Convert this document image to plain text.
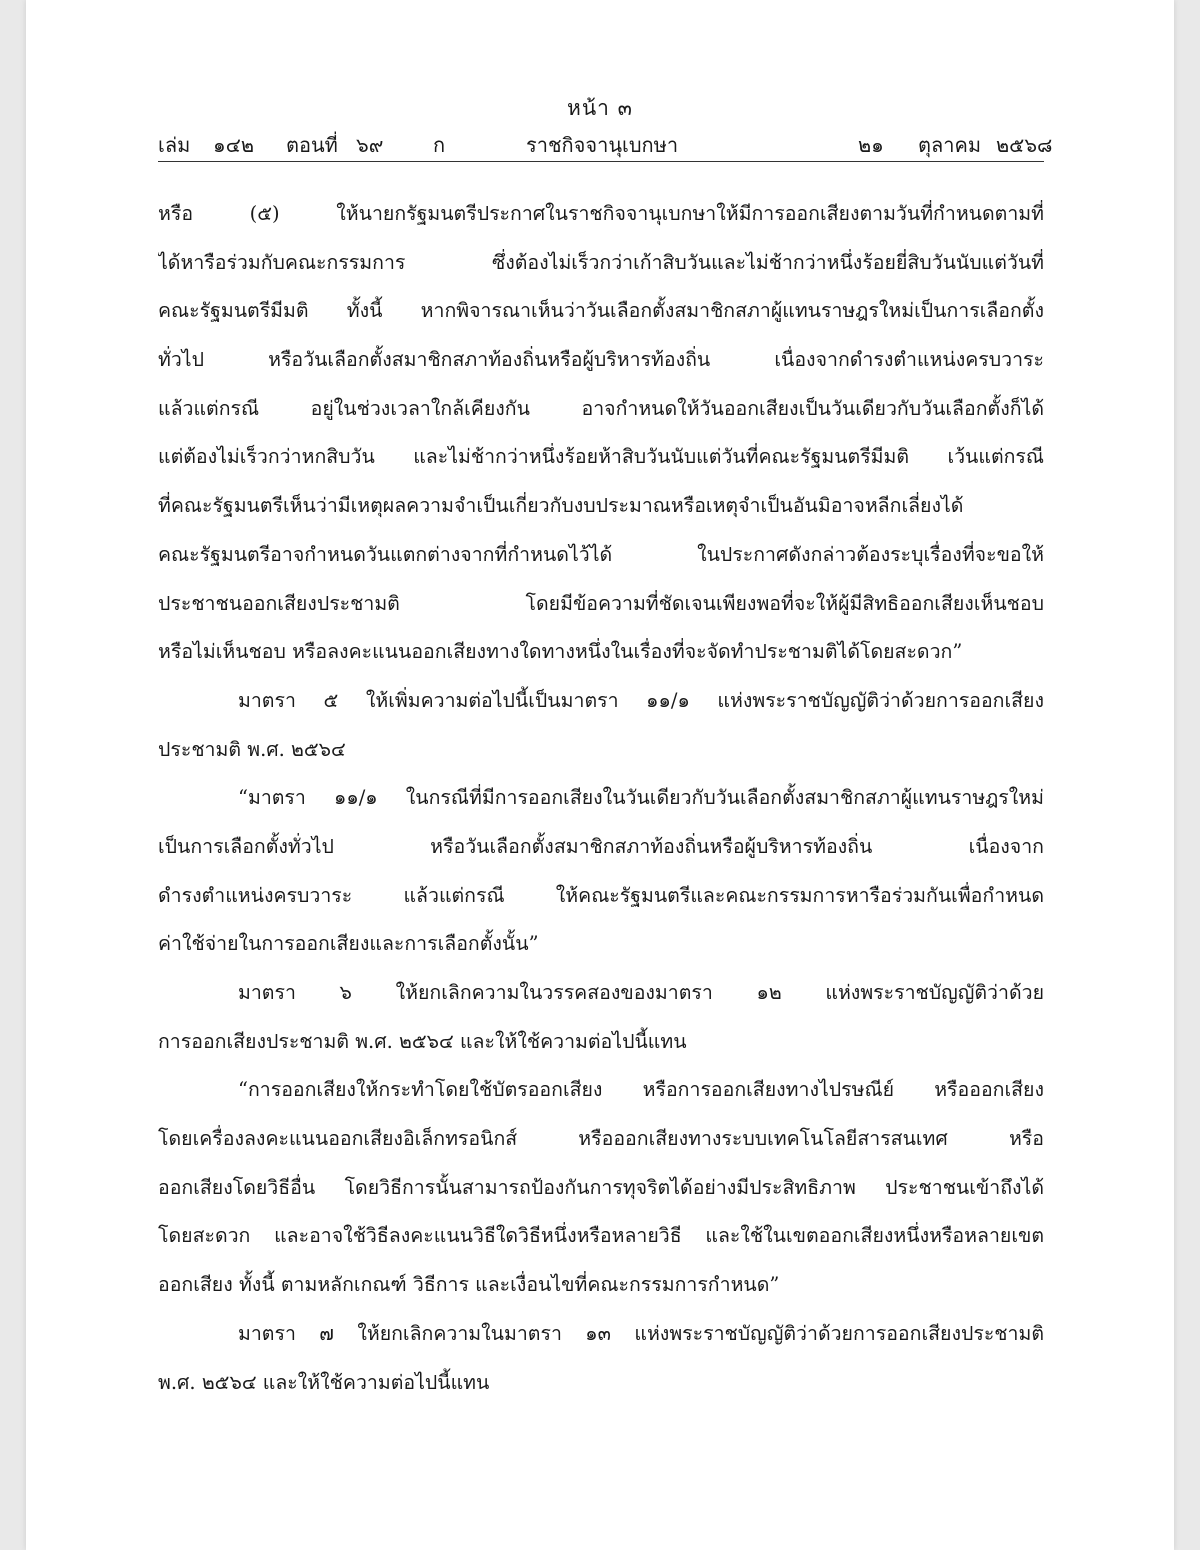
หน้า ๓
เล่ม ๑๔๒ ตอนที่ ๖๙ ก	ราชกิจจานุเบกษา	๒๑ ตุลาคม ๒๕๖๘
หรือ (๕) ให้นายกรัฐมนตรีประกาศในราชกิจจานุเบกษาให้มีการออกเสียงตามวันที่กำหนดตามที่
ได้หารือร่วมกับคณะกรรมการ ซึ่งต้องไม่เร็วกว่าเก้าสิบวันและไม่ช้ากว่าหนึ่งร้อยยี่สิบวันนับแต่วันที่
คณะรัฐมนตรีมีมติ ทั้งนี้ หากพิจารณาเห็นว่าวันเลือกตั้งสมาชิกสภาผู้แทนราษฎรใหม่เป็นการเลือกตั้ง
ทั่วไป หรือวันเลือกตั้งสมาชิกสภาท้องถิ่นหรือผู้บริหารท้องถิ่น เนื่องจากดำรงตำแหน่งครบวาระ
แล้วแต่กรณี อยู่ในช่วงเวลาใกล้เคียงกัน อาจกำหนดให้วันออกเสียงเป็นวันเดียวกับวันเลือกตั้งก็ได้
แต่ต้องไม่เร็วกว่าหกสิบวัน และไม่ช้ากว่าหนึ่งร้อยห้าสิบวันนับแต่วันที่คณะรัฐมนตรีมีมติ เว้นแต่กรณี
ที่คณะรัฐมนตรีเห็นว่ามีเหตุผลความจำเป็นเกี่ยวกับงบประมาณหรือเหตุจำเป็นอันมิอาจหลีกเลี่ยงได้
คณะรัฐมนตรีอาจกำหนดวันแตกต่างจากที่กำหนดไว้ได้ ในประกาศดังกล่าวต้องระบุเรื่องที่จะขอให้
ประชาชนออกเสียงประชามติ โดยมีข้อความที่ชัดเจนเพียงพอที่จะให้ผู้มีสิทธิออกเสียงเห็นชอบ
หรือไม่เห็นชอบ หรือลงคะแนนออกเสียงทางใดทางหนึ่งในเรื่องที่จะจัดทำประชามติได้โดยสะดวก”
มาตรา ๕ ให้เพิ่มความต่อไปนี้เป็นมาตรา ๑๑/๑ แห่งพระราชบัญญัติว่าด้วยการออกเสียง
ประชามติ พ.ศ. ๒๕๖๔
“มาตรา ๑๑/๑ ในกรณีที่มีการออกเสียงในวันเดียวกับวันเลือกตั้งสมาชิกสภาผู้แทนราษฎรใหม่
เป็นการเลือกตั้งทั่วไป หรือวันเลือกตั้งสมาชิกสภาท้องถิ่นหรือผู้บริหารท้องถิ่น เนื่องจาก
ดำรงตำแหน่งครบวาระ แล้วแต่กรณี ให้คณะรัฐมนตรีและคณะกรรมการหารือร่วมกันเพื่อกำหนด
ค่าใช้จ่ายในการออกเสียงและการเลือกตั้งนั้น”
มาตรา ๖ ให้ยกเลิกความในวรรคสองของมาตรา ๑๒ แห่งพระราชบัญญัติว่าด้วย
การออกเสียงประชามติ พ.ศ. ๒๕๖๔ และให้ใช้ความต่อไปนี้แทน
“การออกเสียงให้กระทำโดยใช้บัตรออกเสียง หรือการออกเสียงทางไปรษณีย์ หรือออกเสียง
โดยเครื่องลงคะแนนออกเสียงอิเล็กทรอนิกส์ หรือออกเสียงทางระบบเทคโนโลยีสารสนเทศ หรือ
ออกเสียงโดยวิธีอื่น โดยวิธีการนั้นสามารถป้องกันการทุจริตได้อย่างมีประสิทธิภาพ ประชาชนเข้าถึงได้
โดยสะดวก และอาจใช้วิธีลงคะแนนวิธีใดวิธีหนึ่งหรือหลายวิธี และใช้ในเขตออกเสียงหนึ่งหรือหลายเขต
ออกเสียง ทั้งนี้ ตามหลักเกณฑ์ วิธีการ และเงื่อนไขที่คณะกรรมการกำหนด”
มาตรา ๗ ให้ยกเลิกความในมาตรา ๑๓ แห่งพระราชบัญญัติว่าด้วยการออกเสียงประชามติ
พ.ศ. ๒๕๖๔ และให้ใช้ความต่อไปนี้แทน
